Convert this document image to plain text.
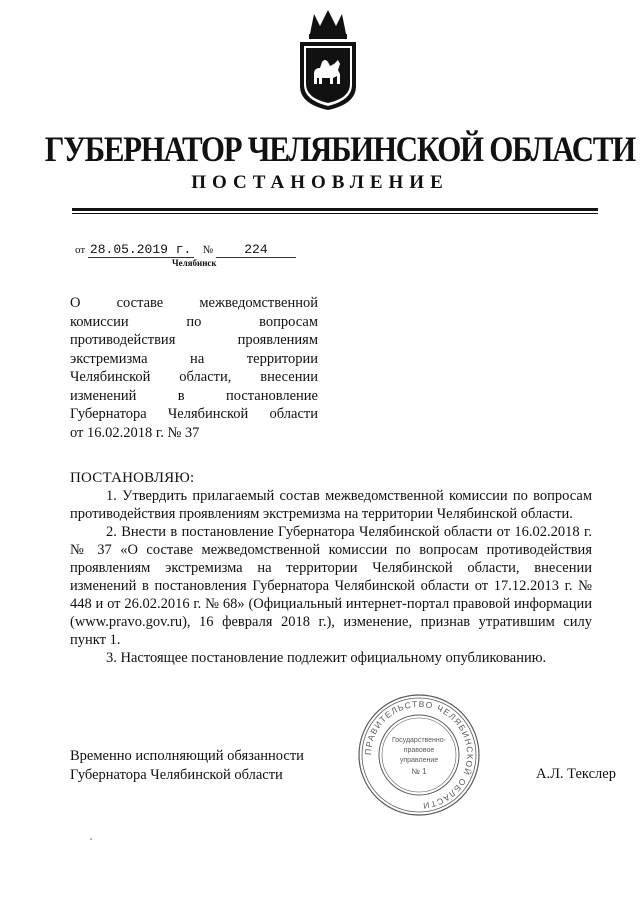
ГУБЕРНАТОР ЧЕЛЯБИНСКОЙ ОБЛАСТИ
ПОСТАНОВЛЕНИЕ
от 28.05.2019 г. № 224
Челябинск
О составе межведомственной
комиссии по вопросам
противодействия проявлениям
экстремизма на территории
Челябинской области, внесении
изменений в постановление
Губернатора Челябинской области
от 16.02.2018 г. № 37
ПОСТАНОВЛЯЮ:

1. Утвердить прилагаемый состав межведомственной комиссии по вопросам противодействия проявлениям экстремизма на территории Челябинской области.

2. Внести в постановление Губернатора Челябинской области от 16.02.2018 г. № 37 «О составе межведомственной комиссии по вопросам противодействия проявлениям экстремизма на территории Челябинской области, внесении изменений в постановления Губернатора Челябинской области от 17.12.2013 г. № 448 и от 26.02.2016 г. № 68» (Официальный интернет-портал правовой информации (www.pravo.gov.ru), 16 февраля 2018 г.), изменение, признав утратившим силу пункт 1.

3. Настоящее постановление подлежит официальному опубликованию.

ПРАВИТЕЛЬСТВО ЧЕЛЯБИНСКОЙ ОБЛАСТИ
Государственно-
правовое
управление
№ 1
Временно исполняющий обязанности
Губернатора Челябинской области	А.Л. Текслер
